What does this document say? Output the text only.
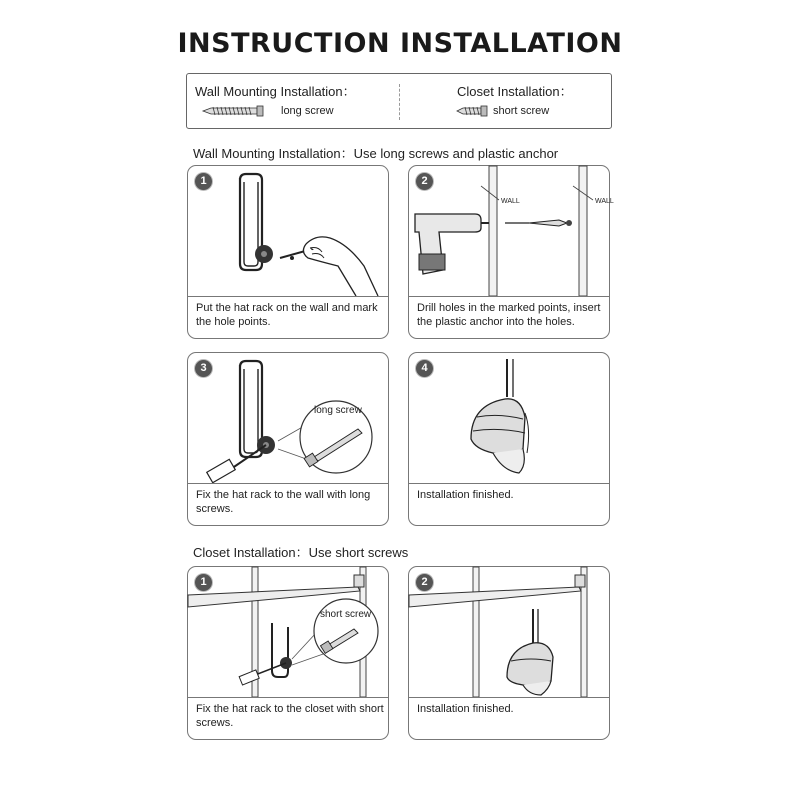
INSTRUCTION INSTALLATION
Wall Mounting Installation：
long screw
Closet Installation：
short screw
Wall Mounting Installation：Use long screws and plastic anchor
1
Put the hat rack on the wall and mark the hole points.
WALL	WALL
2
Drill holes in the marked points, insert the plastic anchor into the holes.
long screw
3
Fix the hat rack to the wall with long screws.
4
Installation finished.
Closet Installation：Use short screws
short screw
1
Fix the hat rack to the closet with short screws.
2
Installation finished.
